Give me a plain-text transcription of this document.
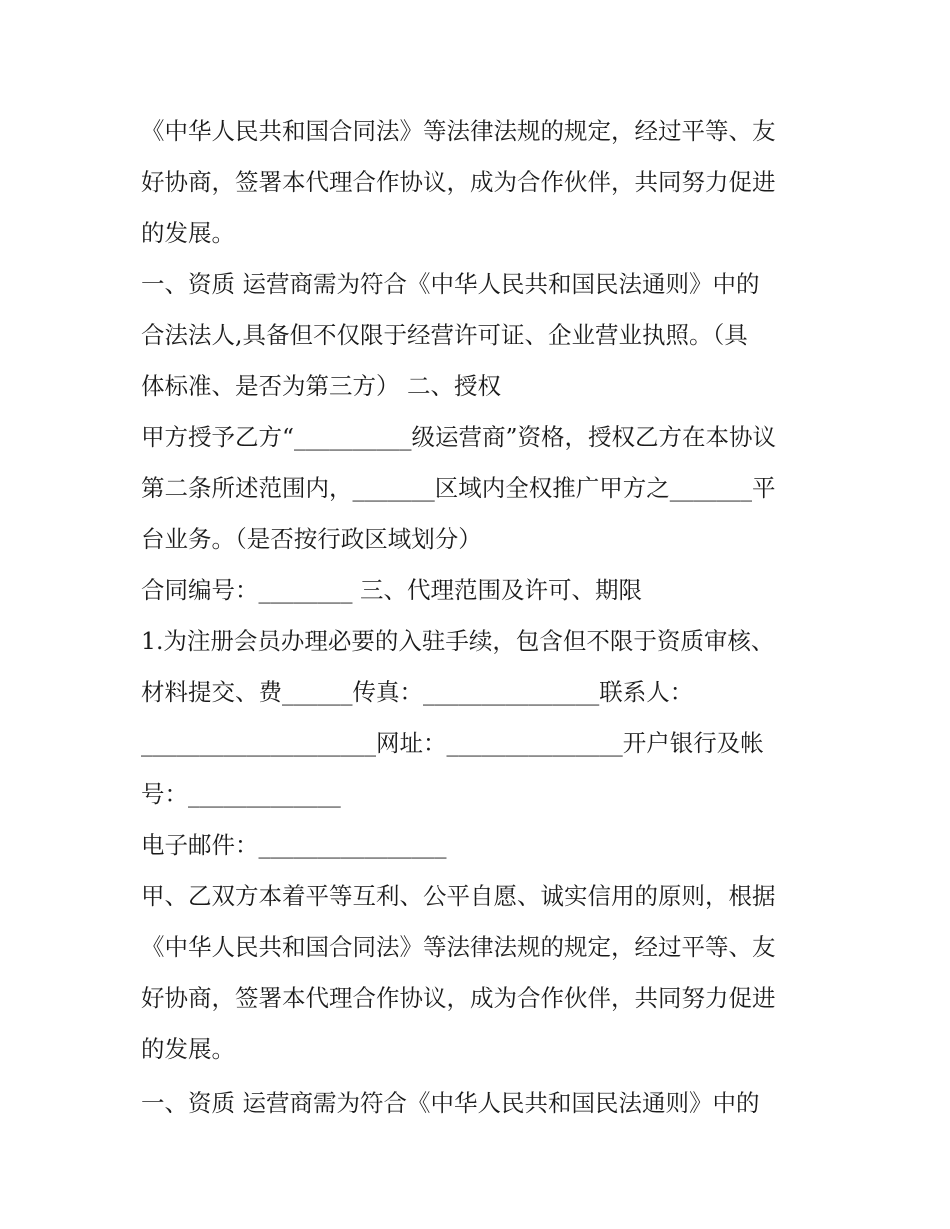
《中华人民共和国合同法》等法律法规的规定，经过平等、友
好协商，签署本代理合作协议，成为合作伙伴，共同努力促进
的发展。
一、资质 运营商需为符合《中华人民共和国民法通则》中的
合法法人,具备但不仅限于经营许可证、企业营业执照。（具
体标准、是否为第三方） 二、授权
甲方授予乙方“__________级运营商”资格，授权乙方在本协议
第二条所述范围内，_______区域内全权推广甲方之_______平
台业务。（是否按行政区域划分）
合同编号：________ 三、代理范围及许可、期限
1.为注册会员办理必要的入驻手续，包含但不限于资质审核、
材料提交、费______传真：_______________联系人：
____________________网址：_______________开户银行及帐
号：_____________
电子邮件：________________
甲、乙双方本着平等互利、公平自愿、诚实信用的原则，根据
《中华人民共和国合同法》等法律法规的规定，经过平等、友
好协商，签署本代理合作协议，成为合作伙伴，共同努力促进
的发展。
一、资质 运营商需为符合《中华人民共和国民法通则》中的
